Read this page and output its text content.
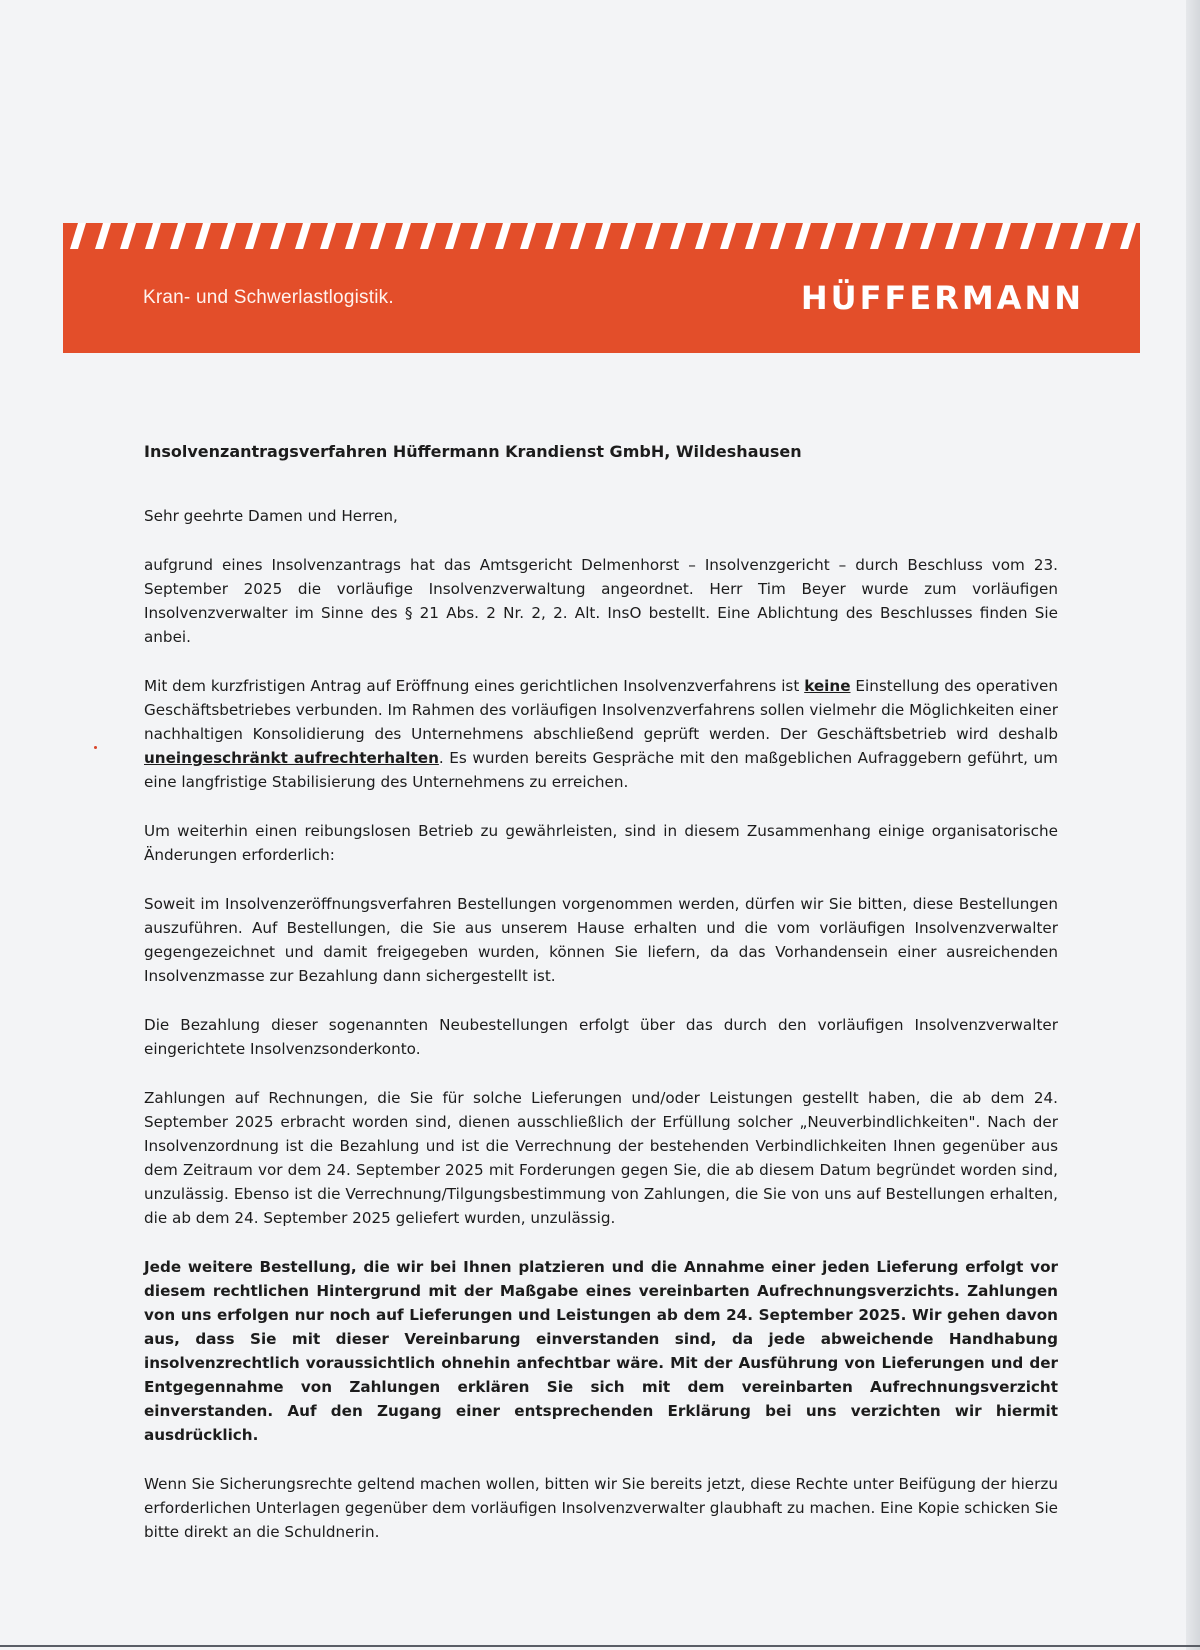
Kran- und Schwerlastlogistik.	HÜFFERMANN

Insolvenzantragsverfahren Hüffermann Krandienst GmbH, Wildeshausen

Sehr geehrte Damen und Herren,

aufgrund eines Insolvenzantrags hat das Amtsgericht Delmenhorst – Insolvenzgericht – durch Beschluss vom 23. September 2025 die vorläufige Insolvenzverwaltung angeordnet. Herr Tim Beyer wurde zum vorläufigen Insolvenzverwalter im Sinne des § 21 Abs. 2 Nr. 2, 2. Alt. InsO bestellt. Eine Ablichtung des Beschlusses finden Sie anbei.

Mit dem kurzfristigen Antrag auf Eröffnung eines gerichtlichen Insolvenzverfahrens ist keine Einstellung des operativen Geschäftsbetriebes verbunden. Im Rahmen des vorläufigen Insolvenzverfahrens sollen vielmehr die Möglichkeiten einer nachhaltigen Konsolidierung des Unternehmens abschließend geprüft werden. Der Geschäftsbetrieb wird deshalb uneingeschränkt aufrechterhalten. Es wurden bereits Gespräche mit den maßgeblichen Aufraggebern geführt, um eine langfristige Stabilisierung des Unternehmens zu erreichen.

Um weiterhin einen reibungslosen Betrieb zu gewährleisten, sind in diesem Zusammenhang einige organisatorische Änderungen erforderlich:

Soweit im Insolvenzeröffnungsverfahren Bestellungen vorgenommen werden, dürfen wir Sie bitten, diese Bestellungen auszuführen. Auf Bestellungen, die Sie aus unserem Hause erhalten und die vom vorläufigen Insolvenzverwalter gegengezeichnet und damit freigegeben wurden, können Sie liefern, da das Vorhandensein einer ausreichenden Insolvenzmasse zur Bezahlung dann sichergestellt ist.

Die Bezahlung dieser sogenannten Neubestellungen erfolgt über das durch den vorläufigen Insolvenzverwalter eingerichtete Insolvenzsonderkonto.

Zahlungen auf Rechnungen, die Sie für solche Lieferungen und/oder Leistungen gestellt haben, die ab dem 24. September 2025 erbracht worden sind, dienen ausschließlich der Erfüllung solcher „Neuverbindlichkeiten". Nach der Insolvenzordnung ist die Bezahlung und ist die Verrechnung der bestehenden Verbindlichkeiten Ihnen gegenüber aus dem Zeitraum vor dem 24. September 2025 mit Forderungen gegen Sie, die ab diesem Datum begründet worden sind, unzulässig. Ebenso ist die Verrechnung/Tilgungsbestimmung von Zahlungen, die Sie von uns auf Bestellungen erhalten, die ab dem 24. September 2025 geliefert wurden, unzulässig.

Jede weitere Bestellung, die wir bei Ihnen platzieren und die Annahme einer jeden Lieferung erfolgt vor diesem rechtlichen Hintergrund mit der Maßgabe eines vereinbarten Aufrechnungsverzichts. Zahlungen von uns erfolgen nur noch auf Lieferungen und Leistungen ab dem 24. September 2025. Wir gehen davon aus, dass Sie mit dieser Vereinbarung einverstanden sind, da jede abweichende Handhabung insolvenzrechtlich voraussichtlich ohnehin anfechtbar wäre. Mit der Ausführung von Lieferungen und der Entgegennahme von Zahlungen erklären Sie sich mit dem vereinbarten Aufrechnungsverzicht einverstanden. Auf den Zugang einer entsprechenden Erklärung bei uns verzichten wir hiermit ausdrücklich.

Wenn Sie Sicherungsrechte geltend machen wollen, bitten wir Sie bereits jetzt, diese Rechte unter Beifügung der hierzu erforderlichen Unterlagen gegenüber dem vorläufigen Insolvenzverwalter glaubhaft zu machen. Eine Kopie schicken Sie bitte direkt an die Schuldnerin.
